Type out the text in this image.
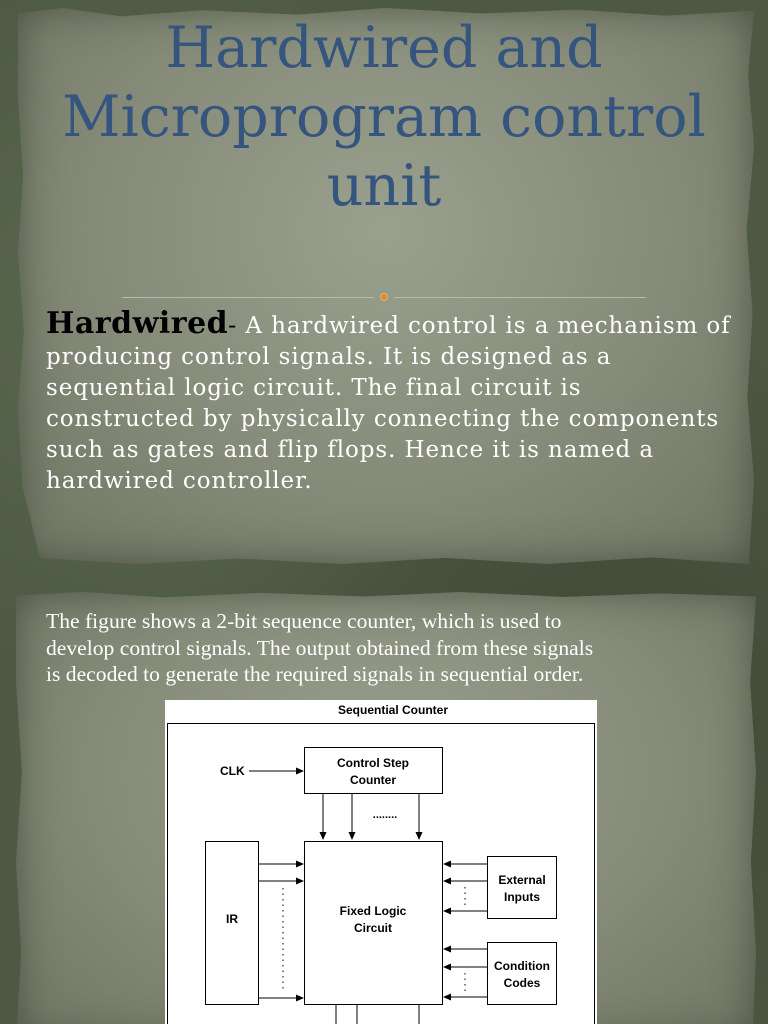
Hardwired and
Microprogram control
unit
Hardwired- A hardwired control is a mechanism of producing control signals. It is designed as a sequential logic circuit. The final circuit is constructed by physically connecting the components such as gates and flip flops. Hence it is named a hardwired controller.
The figure shows a 2-bit sequence counter, which is used to
develop control signals. The output obtained from these signals
is decoded to generate the required signals in sequential order.
Sequential Counter
Control Step
Counter
CLK
........
IR
Fixed Logic
Circuit
External
Inputs
Condition
Codes
